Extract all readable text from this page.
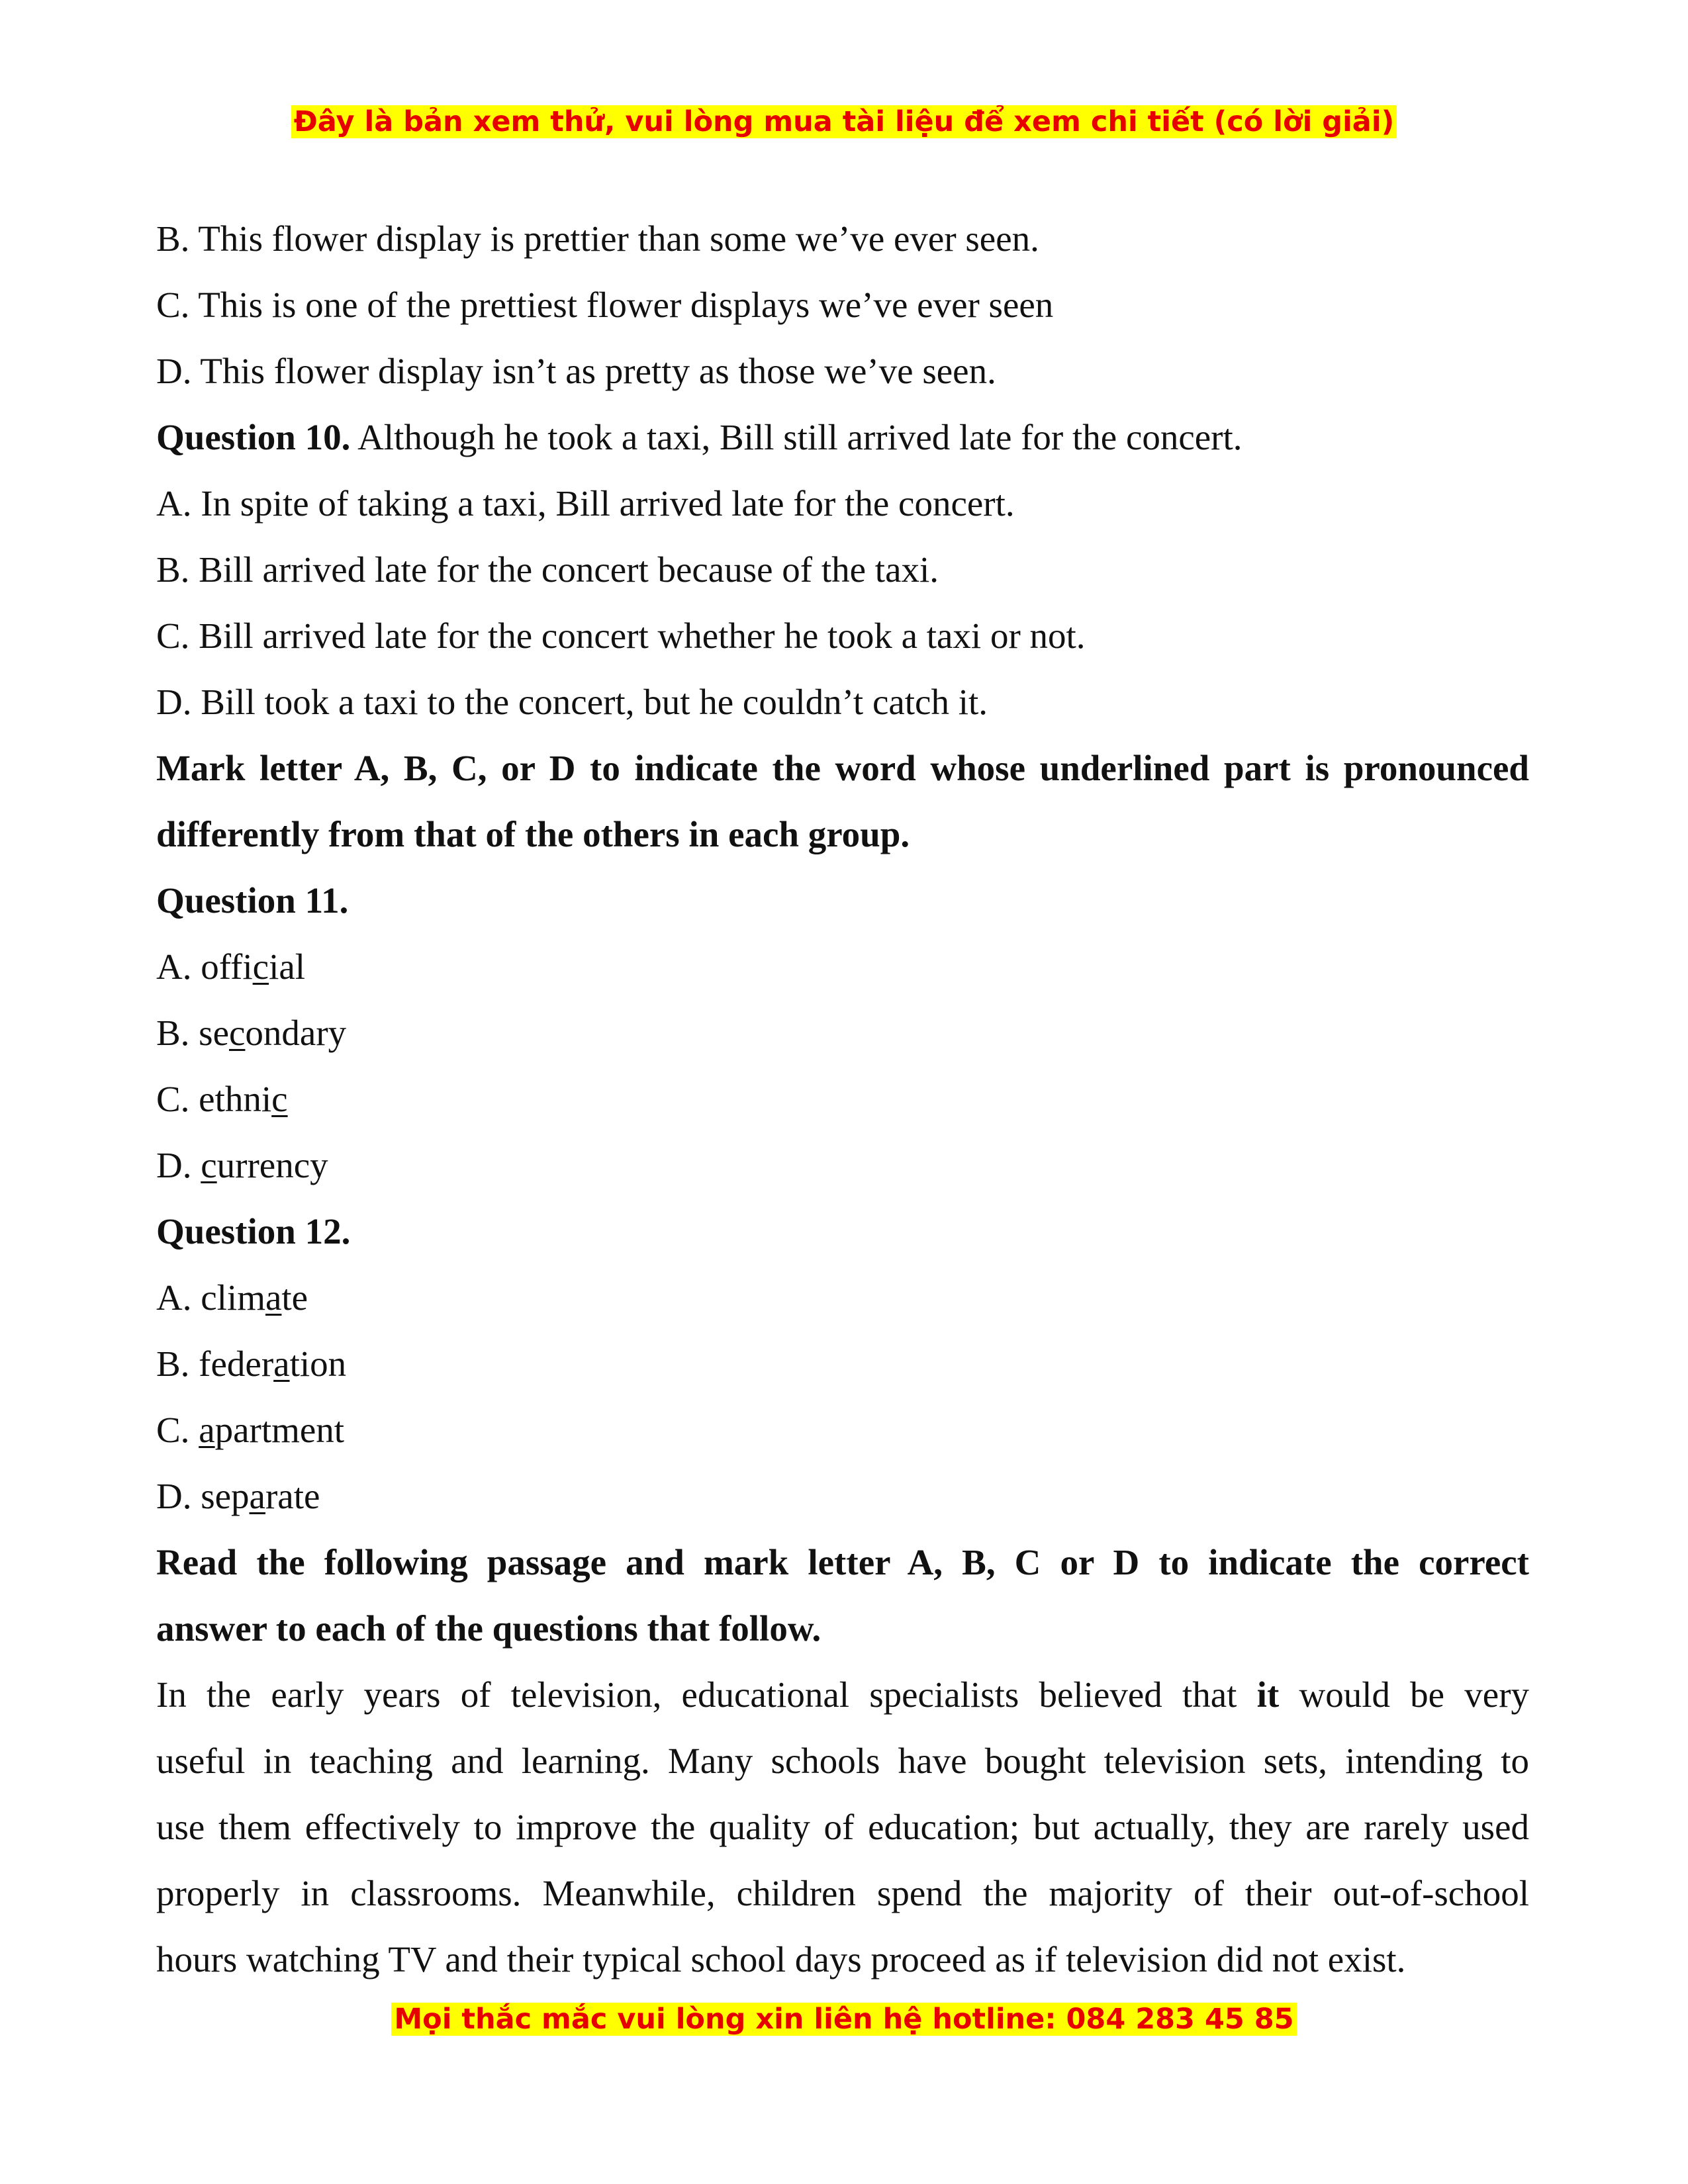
Đây là bản xem thử, vui lòng mua tài liệu để xem chi tiết (có lời giải)
B. This flower display is prettier than some we’ve ever seen.
C. This is one of the prettiest flower displays we’ve ever seen
D. This flower display isn’t as pretty as those we’ve seen.
Question 10. Although he took a taxi, Bill still arrived late for the concert.
A. In spite of taking a taxi, Bill arrived late for the concert.
B. Bill arrived late for the concert because of the taxi.
C. Bill arrived late for the concert whether he took a taxi or not.
D. Bill took a taxi to the concert, but he couldn’t catch it.
Mark letter A, B, C, or D to indicate the word whose underlined part is pronounced
differently from that of the others in each group.
Question 11.
A. official
B. secondary
C. ethnic
D. currency
Question 12.
A. climate
B. federation
C. apartment
D. separate
Read the following passage and mark letter A, B, C or D to indicate the correct
answer to each of the questions that follow.
In the early years of television, educational specialists believed that it would be very
useful in teaching and learning. Many schools have bought television sets, intending to
use them effectively to improve the quality of education; but actually, they are rarely used
properly in classrooms. Meanwhile, children spend the majority of their out-of-school
hours watching TV and their typical school days proceed as if television did not exist.
Mọi thắc mắc vui lòng xin liên hệ hotline: 084 283 45 85
